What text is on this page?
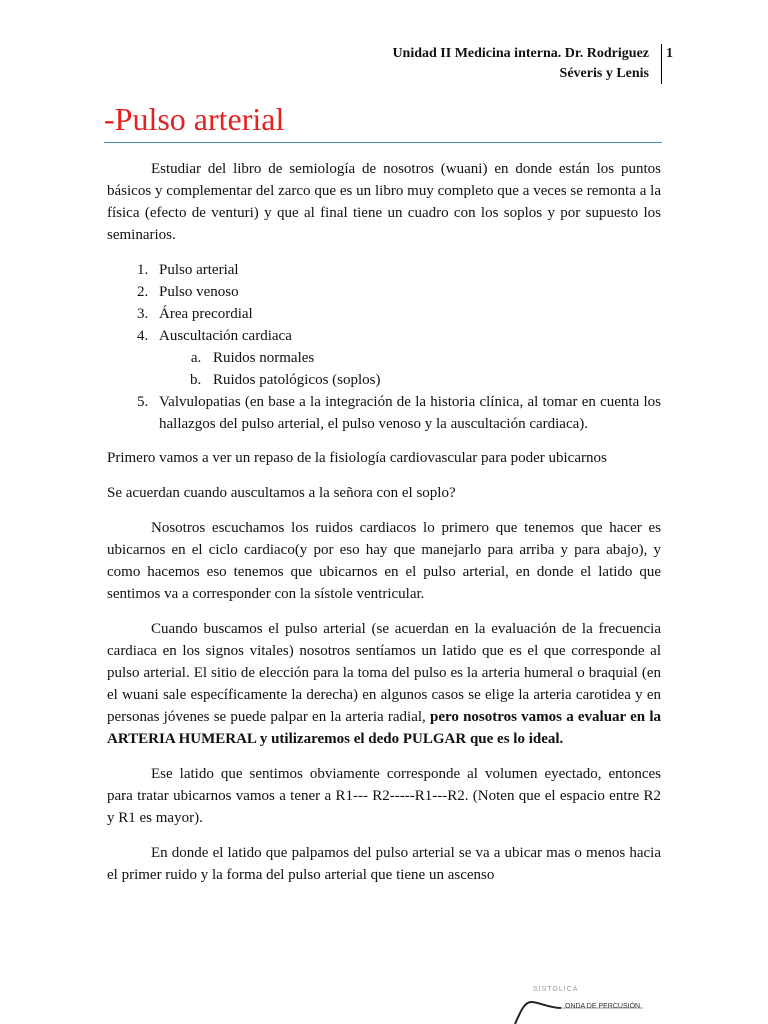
Unidad II Medicina interna. Dr. Rodriguez
Séveris y Lenis
1
-Pulso arterial

Estudiar del libro de semiología de nosotros (wuani) en donde están los puntos básicos y complementar del zarco que es un libro muy completo que a veces se remonta a la física (efecto de venturi) y que al final tiene un cuadro con los soplos y por supuesto los seminarios.

1. Pulso arterial
2. Pulso venoso
3. Área precordial
4. Auscultación cardiaca
a. Ruidos normales
b. Ruidos patológicos (soplos)
5. Valvulopatias (en base a la integración de la historia clínica, al tomar en cuenta los hallazgos del pulso arterial, el pulso venoso y la auscultación cardiaca).

Primero vamos a ver un repaso de la fisiología cardiovascular para poder ubicarnos

Se acuerdan cuando auscultamos a la señora con el soplo?

Nosotros escuchamos los ruidos cardiacos lo primero que tenemos que hacer es ubicarnos en el ciclo cardiaco(y por eso hay que manejarlo para arriba y para abajo), y como hacemos eso tenemos que ubicarnos en el pulso arterial, en donde el latido que sentimos va a corresponder con la sístole ventricular.

Cuando buscamos el pulso arterial (se acuerdan en la evaluación de la frecuencia cardiaca en los signos vitales) nosotros sentíamos un latido que es el que corresponde al pulso arterial. El sitio de elección para la toma del pulso es la arteria humeral o braquial (en el wuani sale específicamente la derecha) en algunos casos se elige la arteria carotidea y en personas jóvenes se puede palpar en la arteria radial, pero nosotros vamos a evaluar en la ARTERIA HUMERAL y utilizaremos el dedo PULGAR que es lo ideal.

Ese latido que sentimos obviamente corresponde al volumen eyectado, entonces para tratar ubicarnos vamos a tener a R1--- R2-----R1---R2. (Noten que el espacio entre R2 y R1 es mayor).

En donde el latido que palpamos del pulso arterial se va a ubicar mas o menos hacia el primer ruido y la forma del pulso arterial que tiene un ascenso

SISTOLICA
ONDA DE PERCUSIÓN
